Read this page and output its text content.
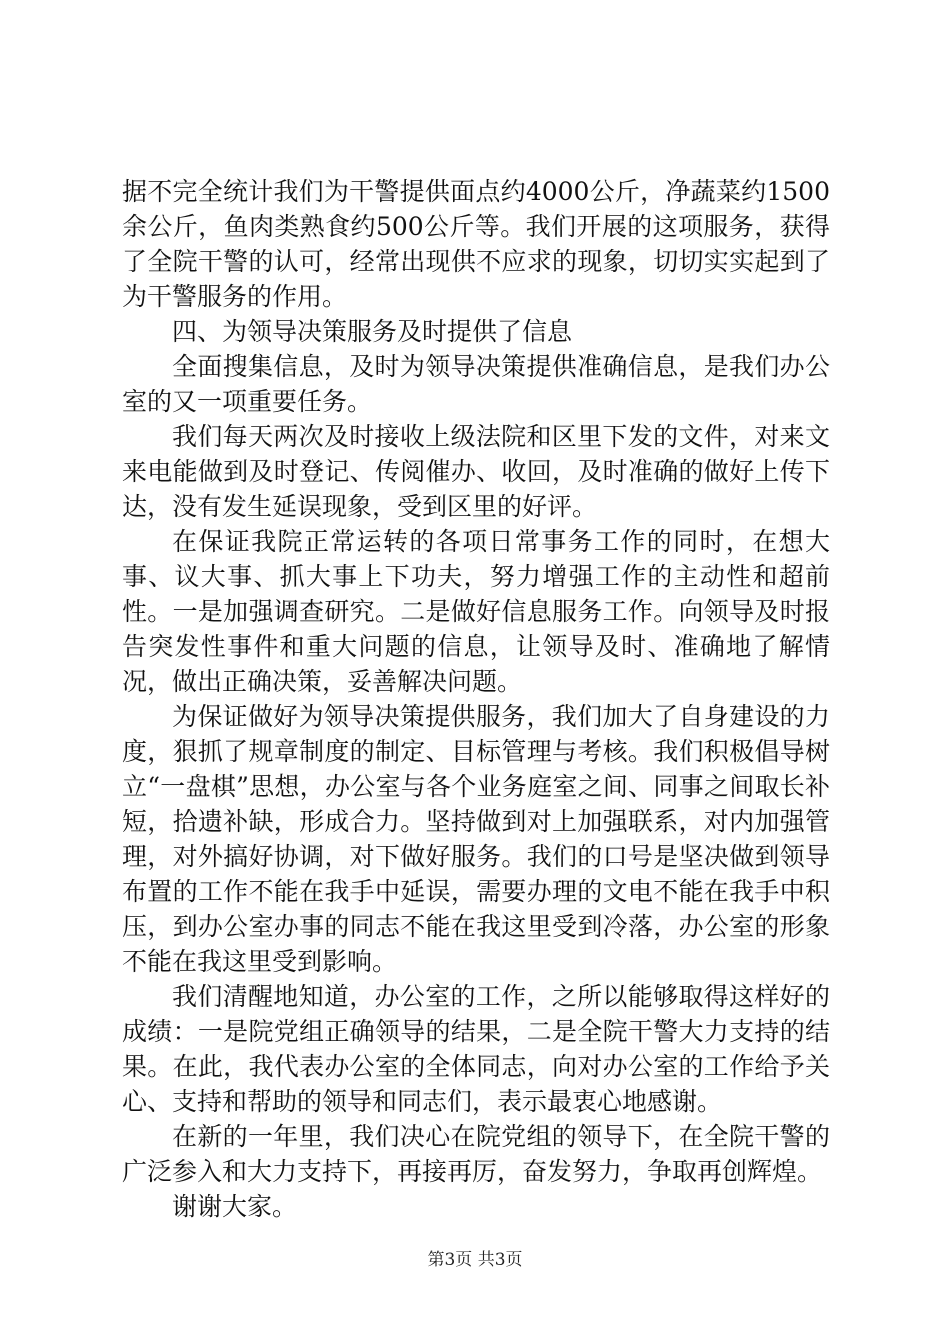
据不完全统计我们为干警提供面点约4000公斤，净蔬菜约1500余公斤，鱼肉类熟食约500公斤等。我们开展的这项服务，获得了全院干警的认可，经常出现供不应求的现象，切切实实起到了为干警服务的作用。

四、为领导决策服务及时提供了信息

全面搜集信息，及时为领导决策提供准确信息，是我们办公室的又一项重要任务。

我们每天两次及时接收上级法院和区里下发的文件，对来文来电能做到及时登记、传阅催办、收回，及时准确的做好上传下达，没有发生延误现象，受到区里的好评。

在保证我院正常运转的各项日常事务工作的同时，在想大事、议大事、抓大事上下功夫，努力增强工作的主动性和超前性。一是加强调查研究。二是做好信息服务工作。向领导及时报告突发性事件和重大问题的信息，让领导及时、准确地了解情况，做出正确决策，妥善解决问题。

为保证做好为领导决策提供服务，我们加大了自身建设的力度，狠抓了规章制度的制定、目标管理与考核。我们积极倡导树立“一盘棋”思想，办公室与各个业务庭室之间、同事之间取长补短，拾遗补缺，形成合力。坚持做到对上加强联系，对内加强管理，对外搞好协调，对下做好服务。我们的口号是坚决做到领导布置的工作不能在我手中延误，需要办理的文电不能在我手中积压，到办公室办事的同志不能在我这里受到冷落，办公室的形象不能在我这里受到影响。

我们清醒地知道，办公室的工作，之所以能够取得这样好的成绩：一是院党组正确领导的结果，二是全院干警大力支持的结果。在此，我代表办公室的全体同志，向对办公室的工作给予关心、支持和帮助的领导和同志们，表示最衷心地感谢。

在新的一年里，我们决心在院党组的领导下，在全院干警的广泛参入和大力支持下，再接再厉，奋发努力，争取再创辉煌。

谢谢大家。

第3页 共3页
